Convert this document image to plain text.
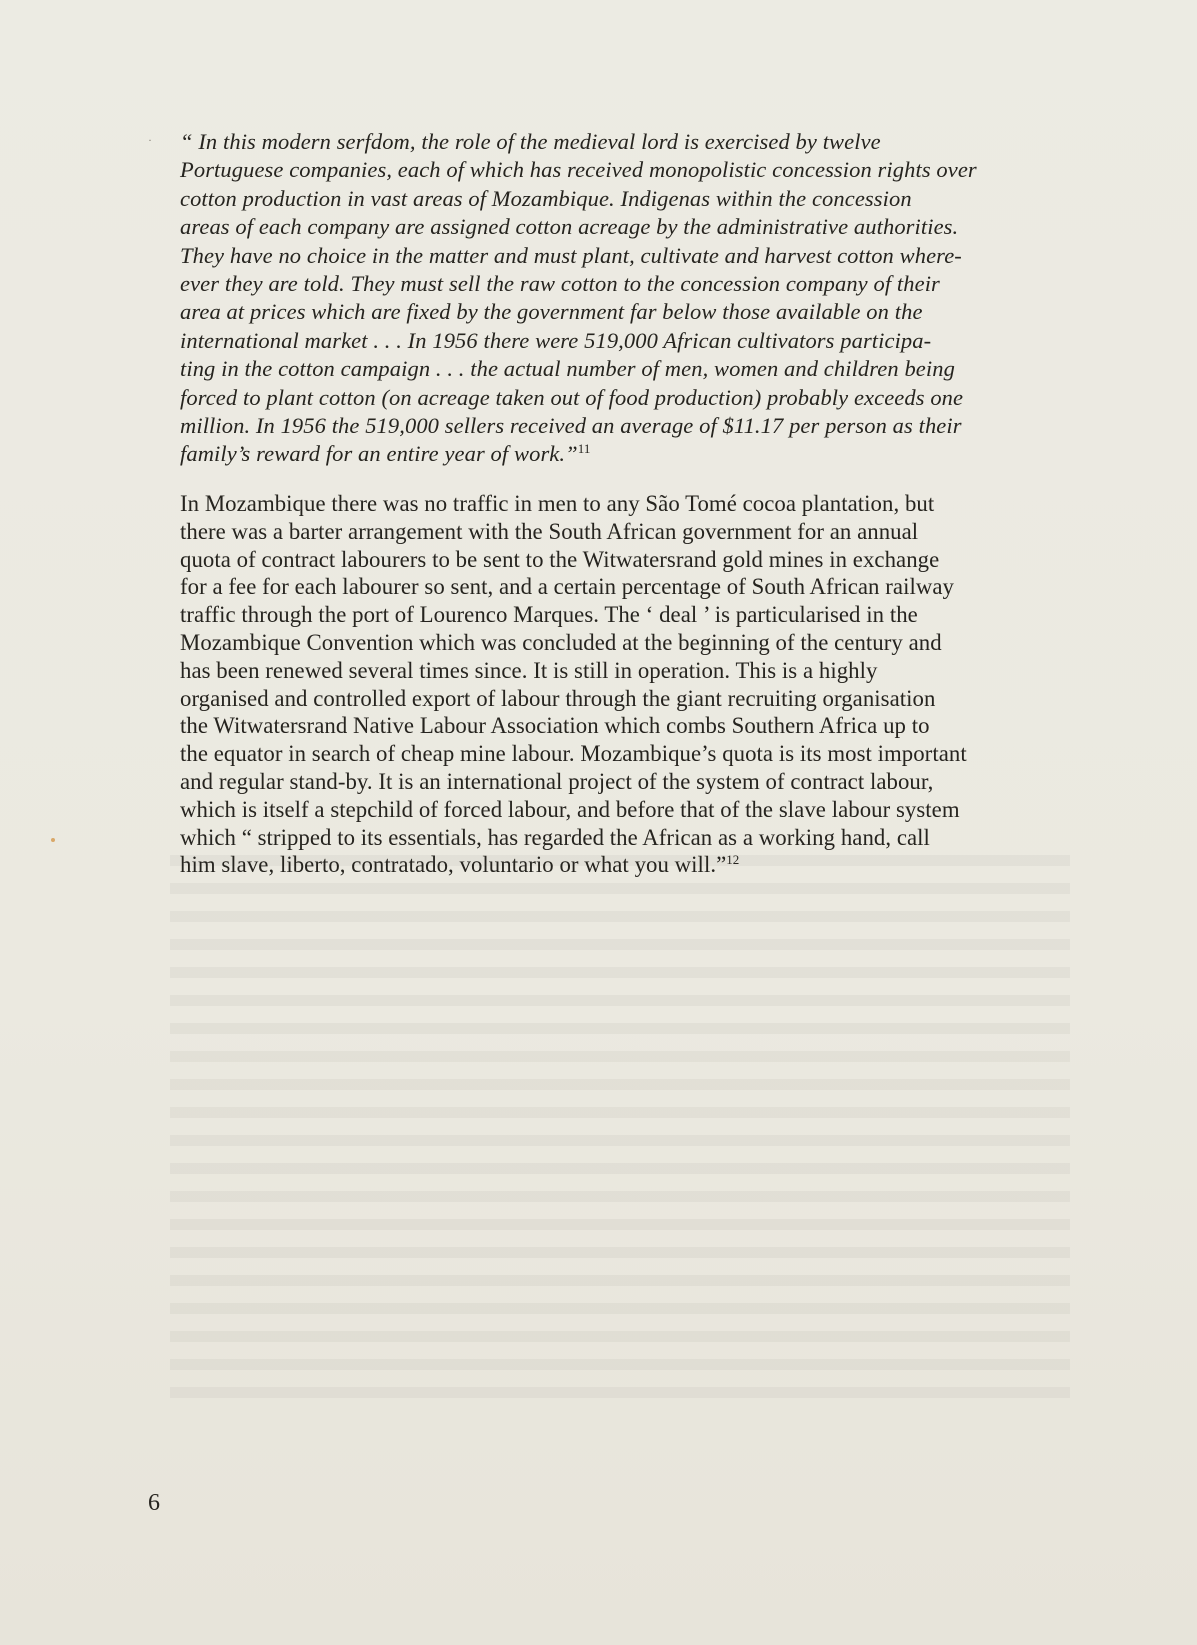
· “ In this modern serfdom, the role of the medieval lord is exercised by twelve
Portuguese companies, each of which has received monopolistic concession rights over
cotton production in vast areas of Mozambique. Indigenas within the concession
areas of each company are assigned cotton acreage by the administrative authorities.
They have no choice in the matter and must plant, cultivate and harvest cotton where-
ever they are told. They must sell the raw cotton to the concession company of their
area at prices which are fixed by the government far below those available on the
international market . . . In 1956 there were 519,000 African cultivators participa-
ting in the cotton campaign . . . the actual number of men, women and children being
forced to plant cotton (on acreage taken out of food production) probably exceeds one
million. In 1956 the 519,000 sellers received an average of $11.17 per person as their
family’s reward for an entire year of work.”$^{11}$
In Mozambique there was no traffic in men to any São Tomé cocoa plantation, but
there was a barter arrangement with the South African government for an annual
quota of contract labourers to be sent to the Witwatersrand gold mines in exchange
for a fee for each labourer so sent, and a certain percentage of South African railway
traffic through the port of Lourenco Marques. The ‘ deal ’ is particularised in the
Mozambique Convention which was concluded at the beginning of the century and
has been renewed several times since. It is still in operation. This is a highly
organised and controlled export of labour through the giant recruiting organisation
the Witwatersrand Native Labour Association which combs Southern Africa up to
the equator in search of cheap mine labour. Mozambique’s quota is its most important
and regular stand-by. It is an international project of the system of contract labour,
which is itself a stepchild of forced labour, and before that of the slave labour system
which “ stripped to its essentials, has regarded the African as a working hand, call
him slave, liberto, contratado, voluntario or what you will.”$^{12}$
6
